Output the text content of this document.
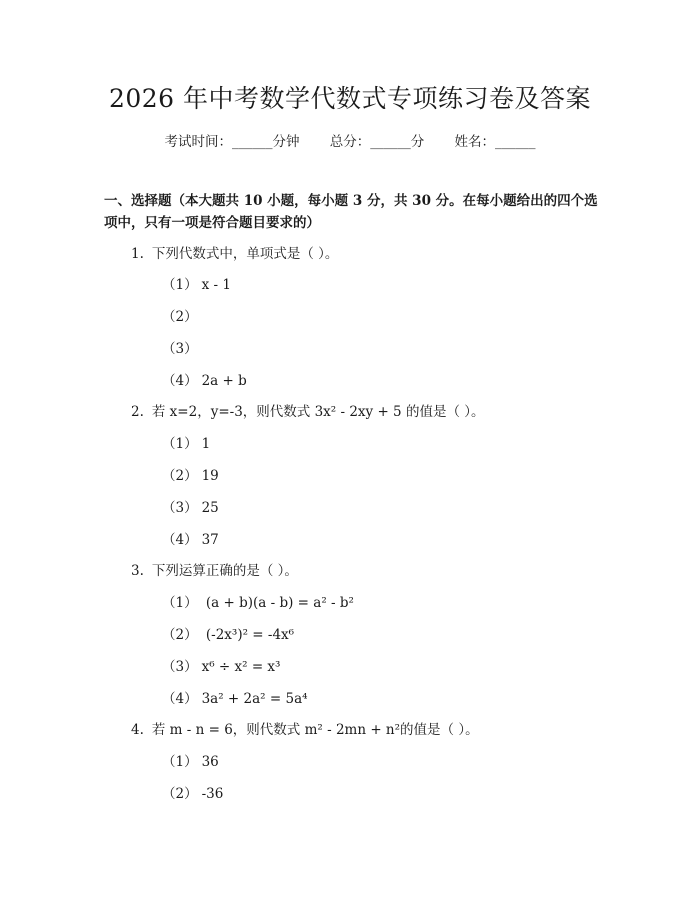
2026 年中考数学代数式专项练习卷及答案
考试时间：______分钟 总分：______分 姓名：______

一、选择题（本大题共 10 小题，每小题 3 分，共 30 分。在每小题给出的四个选项中，只有一项是符合题目要求的）

1. 下列代数式中，单项式是（ ）。
（1） x - 1
（2）
（3）
（4） 2a + b
2. 若 x=2，y=-3，则代数式 3x² - 2xy + 5 的值是（ ）。
（1） 1
（2） 19
（3） 25
（4） 37
3. 下列运算正确的是（ ）。
（1） (a + b)(a - b) = a² - b²
（2） (-2x³)² = -4x⁶
（3） x⁶ ÷ x² = x³
（4） 3a² + 2a² = 5a⁴
4. 若 m - n = 6，则代数式 m² - 2mn + n²的值是（ ）。
（1） 36
（2） -36
